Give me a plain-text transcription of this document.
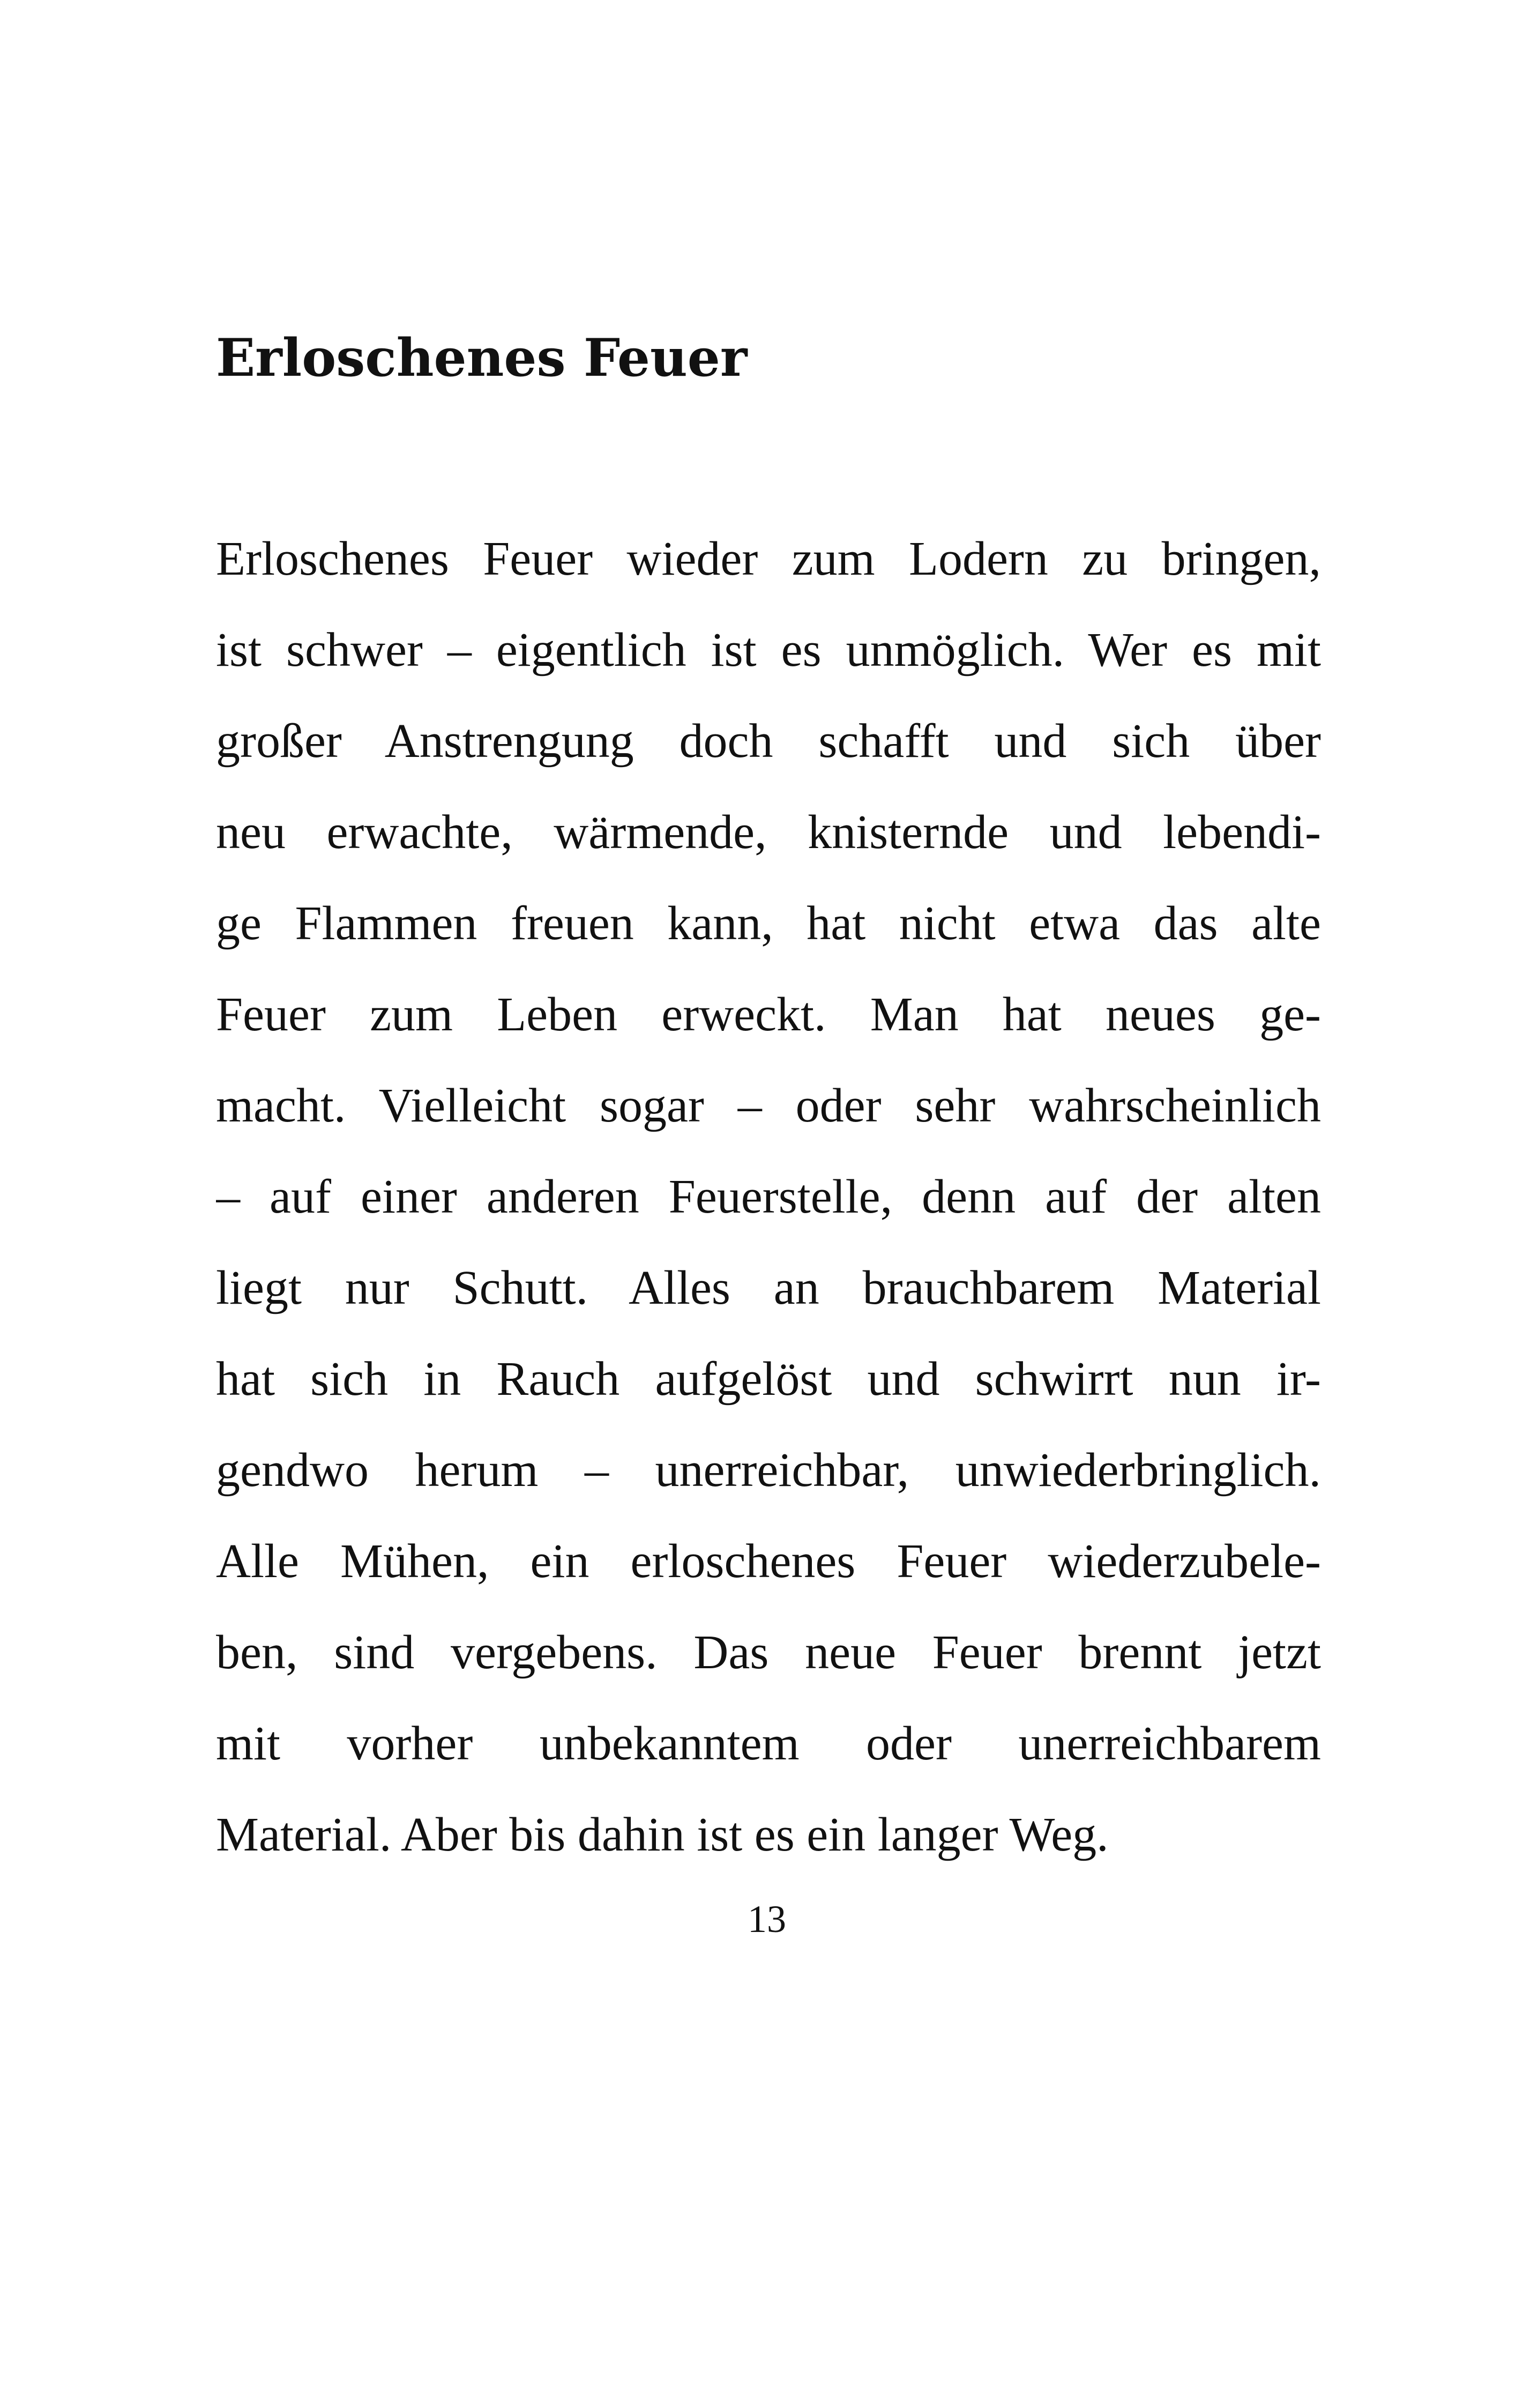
Erloschenes Feuer
Erloschenes Feuer wieder zum Lodern zu bringen,
ist schwer – eigentlich ist es unmöglich. Wer es mit
großer Anstrengung doch schafft und sich über
neu erwachte, wärmende, knisternde und lebendi-
ge Flammen freuen kann, hat nicht etwa das alte
Feuer zum Leben erweckt. Man hat neues ge-
macht. Vielleicht sogar – oder sehr wahrscheinlich
– auf einer anderen Feuerstelle, denn auf der alten
liegt nur Schutt. Alles an brauchbarem Material
hat sich in Rauch aufgelöst und schwirrt nun ir-
gendwo herum – unerreichbar, unwiederbringlich.
Alle Mühen, ein erloschenes Feuer wiederzubele-
ben, sind vergebens. Das neue Feuer brennt jetzt
mit vorher unbekanntem oder unerreichbarem
Material. Aber bis dahin ist es ein langer Weg.
13
